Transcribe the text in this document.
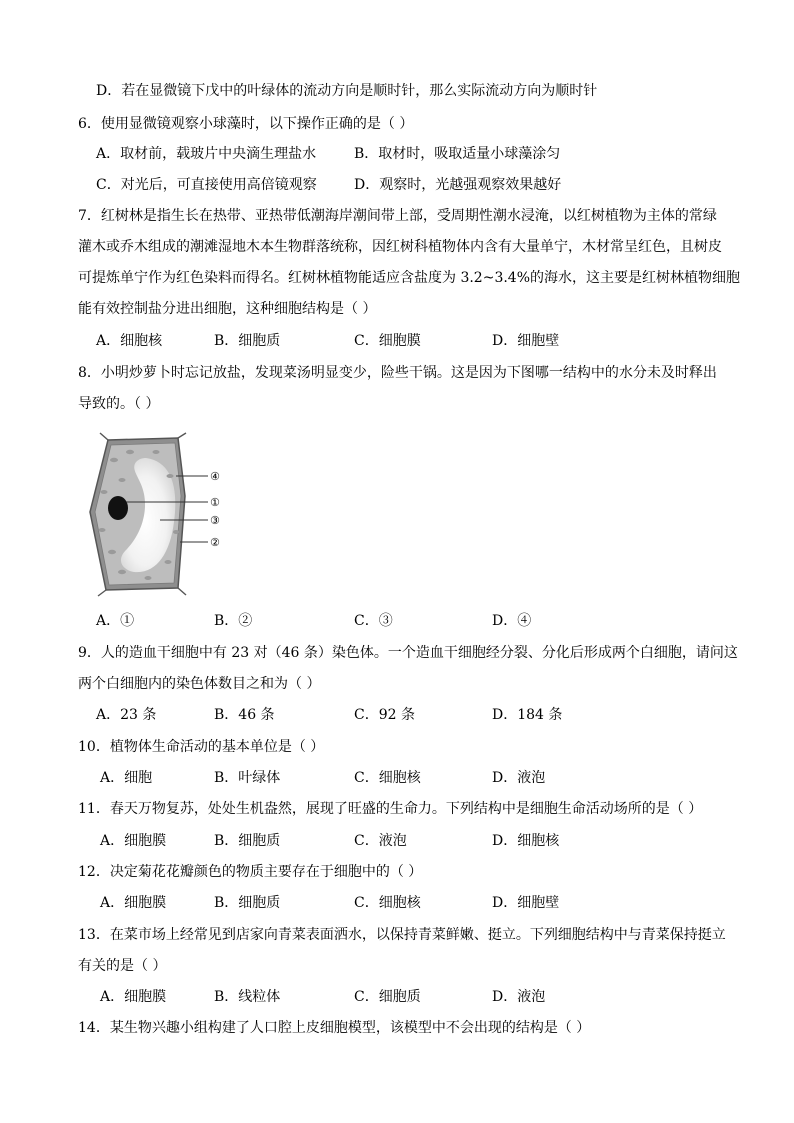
D．若在显微镜下戊中的叶绿体的流动方向是顺时针，那么实际流动方向为顺时针
6．使用显微镜观察小球藻时，以下操作正确的是（ ）
A．取材前，载玻片中央滴生理盐水	B．取材时，吸取适量小球藻涂匀
C．对光后，可直接使用高倍镜观察	D．观察时，光越强观察效果越好
7．红树林是指生长在热带、亚热带低潮海岸潮间带上部，受周期性潮水浸淹，以红树植物为主体的常绿
灌木或乔木组成的潮滩湿地木本生物群落统称，因红树科植物体内含有大量单宁，木材常呈红色，且树皮
可提炼单宁作为红色染料而得名。红树林植物能适应含盐度为 3.2~3.4%的海水，这主要是红树林植物细胞
能有效控制盐分进出细胞，这种细胞结构是（ ）
A．细胞核	B．细胞质	C．细胞膜	D．细胞壁
8．小明炒萝卜时忘记放盐，发现菜汤明显变少，险些干锅。这是因为下图哪一结构中的水分未及时释出
导致的。（ ）
④
①
③
②
A．①	B．②	C．③	D．④
9．人的造血干细胞中有 23 对（46 条）染色体。一个造血干细胞经分裂、分化后形成两个白细胞，请问这
两个白细胞内的染色体数目之和为（ ）
A．23 条	B．46 条	C．92 条	D．184 条
10．植物体生命活动的基本单位是（ ）
A．细胞	B．叶绿体	C．细胞核	D．液泡
11．春天万物复苏，处处生机盎然，展现了旺盛的生命力。下列结构中是细胞生命活动场所的是（ ）
A．细胞膜	B．细胞质	C．液泡	D．细胞核
12．决定菊花花瓣颜色的物质主要存在于细胞中的（ ）
A．细胞膜	B．细胞质	C．细胞核	D．细胞壁
13．在菜市场上经常见到店家向青菜表面洒水，以保持青菜鲜嫩、挺立。下列细胞结构中与青菜保持挺立
有关的是（ ）
A．细胞膜	B．线粒体	C．细胞质	D．液泡
14．某生物兴趣小组构建了人口腔上皮细胞模型，该模型中不会出现的结构是（ ）
